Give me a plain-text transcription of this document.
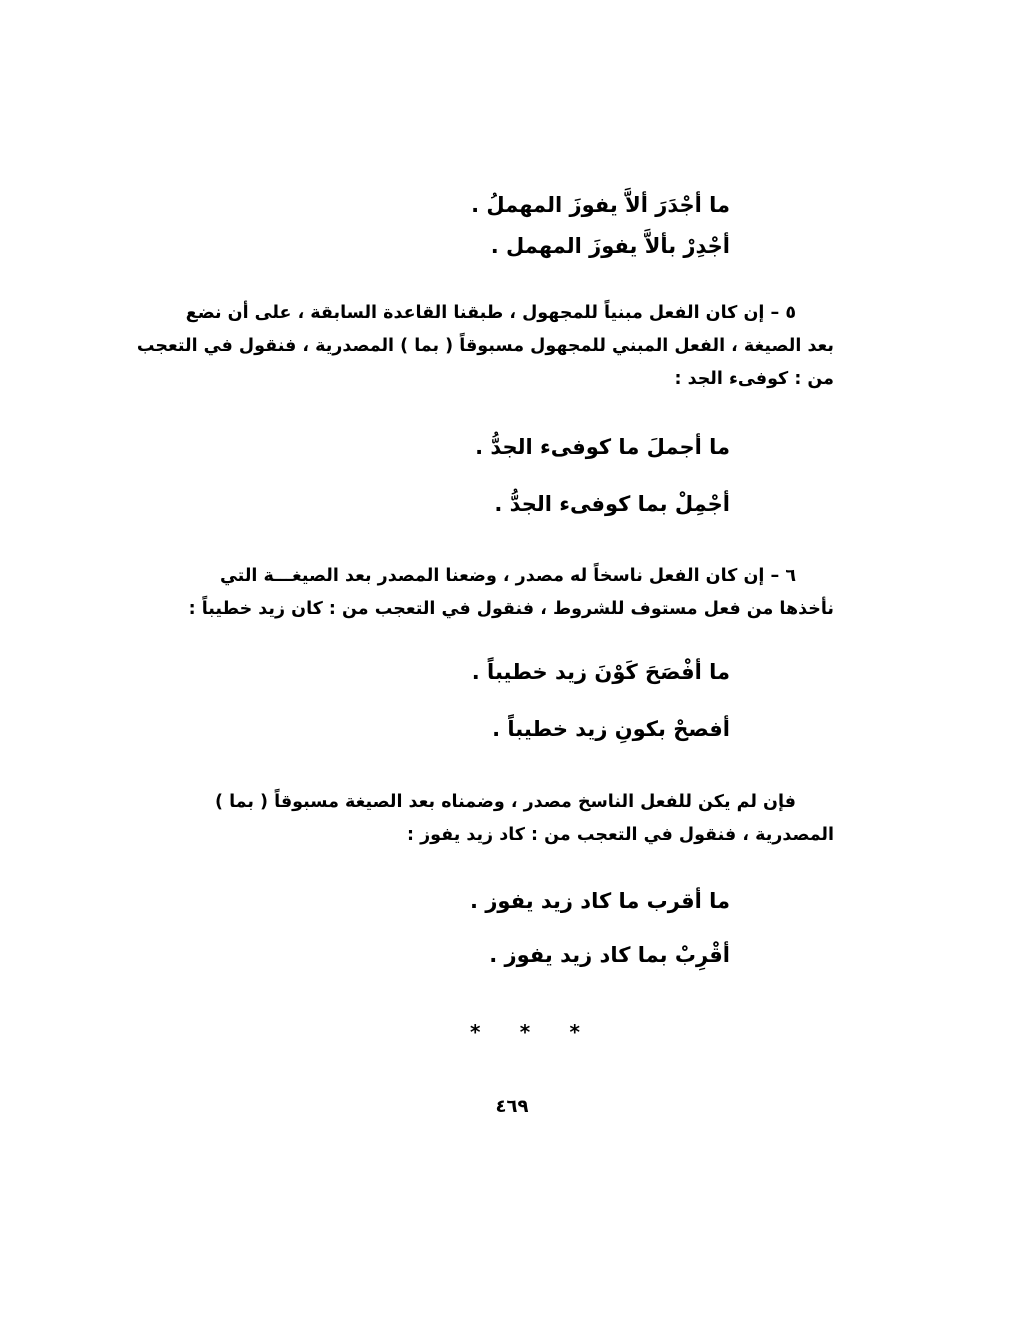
ما أجْدَرَ ألاَّ يفوزَ المهملُ .
أجْدِرْ بألاَّ يفوزَ المهمل .
٥ – إن كان الفعل مبنياً للمجهول ، طبقنا القاعدة السابقة ، على أن نضع
بعد الصيغة ، الفعل المبني للمجهول مسبوقاً ( بما ) المصدرية ، فنقول في التعجب
من : كوفىء الجد :
ما أجملَ ما كوفىء الجدُّ .
أجْمِلْ بما كوفىء الجدُّ .
٦ – إن كان الفعل ناسخاً له مصدر ، وضعنا المصدر بعد الصيغـــة التي
نأخذها من فعل مستوف للشروط ، فنقول في التعجب من : كان زيد خطيباً :
ما أفْصَحَ كَوْنَ زيد خطيباً .
أفصحْ بكونِ زيد خطيباً .
فإن لم يكن للفعل الناسخ مصدر ، وضمناه بعد الصيغة مسبوقاً ( بما )
المصدرية ، فنقول في التعجب من : كاد زيد يفوز :
ما أقرب ما كاد زيد يفوز .
أقْرِبْ بما كاد زيد يفوز .
* * *
٤٦٩
